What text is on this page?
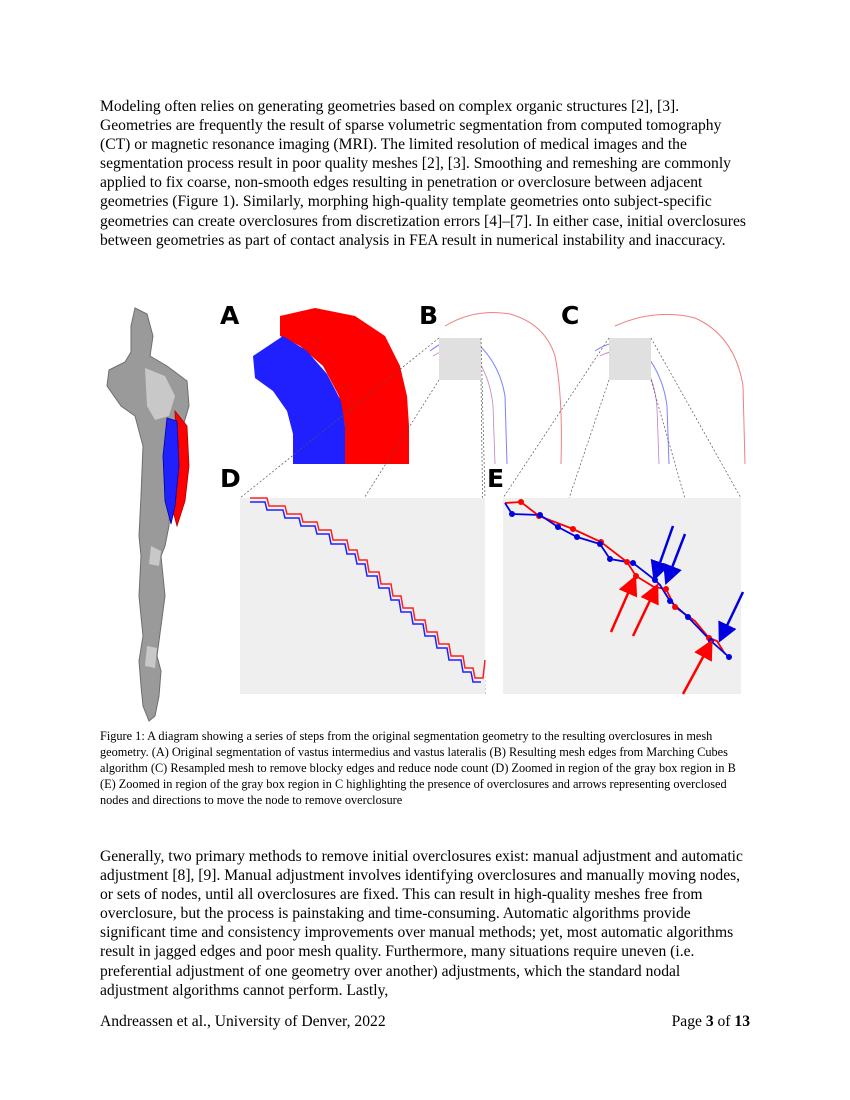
Modeling often relies on generating geometries based on complex organic structures [2], [3]. Geometries are frequently the result of sparse volumetric segmentation from computed tomography (CT) or magnetic resonance imaging (MRI). The limited resolution of medical images and the segmentation process result in poor quality meshes [2], [3]. Smoothing and remeshing are commonly applied to fix coarse, non-smooth edges resulting in penetration or overclosure between adjacent geometries (Figure 1). Similarly, morphing high-quality template geometries onto subject-specific geometries can create overclosures from discretization errors [4]–[7]. In either case, initial overclosures between geometries as part of contact analysis in FEA result in numerical instability and inaccuracy.

A	B	C
D	E

Figure 1: A diagram showing a series of steps from the original segmentation geometry to the resulting overclosures in mesh geometry. (A) Original segmentation of vastus intermedius and vastus lateralis (B) Resulting mesh edges from Marching Cubes algorithm (C) Resampled mesh to remove blocky edges and reduce node count (D) Zoomed in region of the gray box region in B (E) Zoomed in region of the gray box region in C highlighting the presence of overclosures and arrows representing overclosed nodes and directions to move the node to remove overclosure

Generally, two primary methods to remove initial overclosures exist: manual adjustment and automatic adjustment [8], [9]. Manual adjustment involves identifying overclosures and manually moving nodes, or sets of nodes, until all overclosures are fixed. This can result in high-quality meshes free from overclosure, but the process is painstaking and time-consuming. Automatic algorithms provide significant time and consistency improvements over manual methods; yet, most automatic algorithms result in jagged edges and poor mesh quality. Furthermore, many situations require uneven (i.e. preferential adjustment of one geometry over another) adjustments, which the standard nodal adjustment algorithms cannot perform. Lastly,

Andreassen et al., University of Denver, 2022	Page 3 of 13
